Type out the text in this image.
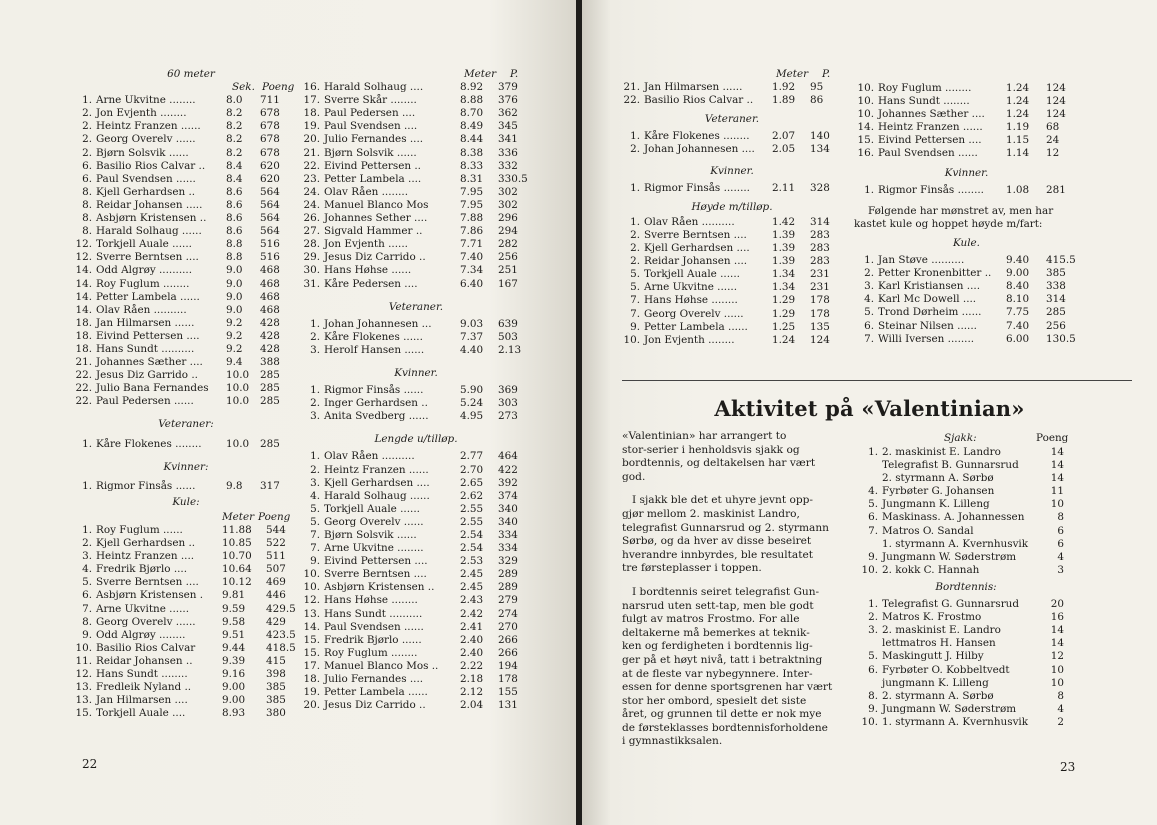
60 meter
Sek. Poeng
1. Arne Ukvitne ........	8.0	711
2. Jon Evjenth ........	8.2	678
2. Heintz Franzen ...... 8.2	678
2. Georg Overelv ......	8.2	678
2. Bjørn Solsvik ......	8.2	678
6. Basilio Rios Calvar .. 8.4	620
6. Paul Svendsen ......	8.4	620
8. Kjell Gerhardsen ..	8.6	564
8. Reidar Johansen ..... 8.6	564
8. Asbjørn Kristensen .. 8.6	564
8. Harald Solhaug ...... 8.6	564
12. Torkjell Auale ......	8.8	516
12. Sverre Berntsen ....	8.8	516
14. Odd Algrøy ..........	9.0	468
14. Roy Fuglum ........	9.0	468
14. Petter Lambela ......	9.0	468
14. Olav Råen ..........	9.0	468
18. Jan Hilmarsen ......	9.2	428
18. Eivind Pettersen ....	9.2	428
18. Hans Sundt ..........	9.2	428
21. Johannes Sæther .... 9.4	388
22. Jesus Diz Garrido ..	10.0	285
22. Julio Bana Fernandes 10.0	285
22. Paul Pedersen ......	10.0	285
Veteraner:
1. Kåre Flokenes ........ 10.0	285
Kvinner:
1. Rigmor Finsås ......	9.8	317
Kule:
Meter Poeng
1. Roy Fuglum ......	11.88	544
2. Kjell Gerhardsen ..	10.85	522
3. Heintz Franzen ....	10.70	511
4. Fredrik Bjørlo ....	10.64	507
5. Sverre Berntsen .... 10.12	469
6. Asbjørn Kristensen . 9.81	446
7. Arne Ukvitne ......	9.59	429.5
8. Georg Overelv ......	9.58	429
9. Odd Algrøy ........	9.51	423.5
10. Basilio Rios Calvar	9.44	418.5
11. Reidar Johansen ..	9.39	415
12. Hans Sundt ........	9.16	398
13. Fredleik Nyland ..	9.00	385
13. Jan Hilmarsen ....	9.00	385
15. Torkjell Auale ....	8.93	380
Meter P.
16. Harald Solhaug ....	8.92	379
17. Sverre Skår ........	8.88	376
18. Paul Pedersen ....	8.70	362
19. Paul Svendsen ....	8.49	345
20. Julio Fernandes ....	8.44	341
21. Bjørn Solsvik ......	8.38	336
22. Eivind Pettersen ..	8.33	332
23. Petter Lambela ....	8.31	330.5
24. Olav Råen ........	7.95	302
24. Manuel Blanco Mos	7.95	302
26. Johannes Sether ....	7.88	296
27. Sigvald Hammer ..	7.86	294
28. Jon Evjenth ......	7.71	282
29. Jesus Diz Carrido ..	7.40	256
30. Hans Høhse ......	7.34	251
31. Kåre Pedersen ....	6.40	167
Veteraner.
1. Johan Johannesen ...	9.03	639
2. Kåre Flokenes ......	7.37	503
3. Herolf Hansen ......	4.40	2.13
Kvinner.
1. Rigmor Finsås ......	5.90	369
2. Inger Gerhardsen ..	5.24	303
3. Anita Svedberg ......	4.95	273
Lengde u/tilløp.
1. Olav Råen ..........	2.77	464
2. Heintz Franzen ......	2.70	422
3. Kjell Gerhardsen ....	2.65	392
4. Harald Solhaug ......	2.62	374
5. Torkjell Auale ......	2.55	340
5. Georg Overelv ......	2.55	340
7. Bjørn Solsvik ......	2.54	334
7. Arne Ukvitne ........	2.54	334
9. Eivind Pettersen ....	2.53	329
10. Sverre Berntsen ....	2.45	289
10. Asbjørn Kristensen .. 2.45	289
12. Hans Høhse ........	2.43	279
13. Hans Sundt ..........	2.42	274
14. Paul Svendsen ......	2.41	270
15. Fredrik Bjørlo ......	2.40	266
15. Roy Fuglum ........	2.40	266
17. Manuel Blanco Mos .. 2.22	194
18. Julio Fernandes ....	2.18	178
19. Petter Lambela ......	2.12	155
20. Jesus Diz Carrido ..	2.04	131
22
Meter P.
21. Jan Hilmarsen ......	1.92	95
22. Basilio Rios Calvar .. 1.89	86
Veteraner.
1. Kåre Flokenes ........ 2.07	140
2. Johan Johannesen .... 2.05	134
Kvinner.
1. Rigmor Finsås ........ 2.11	328
Høyde m/tilløp.
1. Olav Råen ..........	1.42	314
2. Sverre Berntsen .... 1.39	283
2. Kjell Gerhardsen .... 1.39	283
2. Reidar Johansen .... 1.39	283
5. Torkjell Auale ......	1.34	231
5. Arne Ukvitne ......	1.34	231
7. Hans Høhse ........	1.29	178
7. Georg Overelv ......	1.29	178
9. Petter Lambela ...... 1.25	135
10. Jon Evjenth ........	1.24	124
10. Roy Fuglum ........	1.24	124
10. Hans Sundt ........	1.24	124
10. Johannes Sæther .... 1.24	124
14. Heintz Franzen ...... 1.19	68
15. Eivind Pettersen .... 1.15	24
16. Paul Svendsen ......	1.14	12
Kvinner.
1. Rigmor Finsås ........ 1.08	281
Følgende har mønstret av, men har
kastet kule og hoppet høyde m/fart:
Kule.
1. Jan Støve ..........	9.40	415.5
2. Petter Kronenbitter .. 9.00	385
3. Karl Kristiansen .... 8.40	338
4. Karl Mc Dowell ....	8.10	314
5. Trond Dørheim ...... 7.75	285
6. Steinar Nilsen ......	7.40	256
7. Willi Iversen ........	6.00	130.5
Aktivitet på «Valentinian»
«Valentinian» har arrangert to
stor-serier i henholdsvis sjakk og
bordtennis, og deltakelsen har vært
god.
I sjakk ble det et uhyre jevnt opp-
gjør mellom 2. maskinist Landro,
telegrafist Gunnarsrud og 2. styrmann
Sørbø, og da hver av disse beseiret
hverandre innbyrdes, ble resultatet
tre førsteplasser i toppen.
I bordtennis seiret telegrafist Gun-
narsrud uten sett-tap, men ble godt
fulgt av matros Frostmo. For alle
deltakerne må bemerkes at teknik-
ken og ferdigheten i bordtennis lig-
ger på et høyt nivå, tatt i betraktning
at de fleste var nybegynnere. Inter-
essen for denne sportsgrenen har vært
stor her ombord, spesielt det siste
året, og grunnen til dette er nok mye
de førsteklasses bordtennisforholdene
i gymnastikksalen.
Sjakk:	Poeng
1. 2. maskinist E. Landro	14
Telegrafist B. Gunnarsrud	14
2. styrmann A. Sørbø	14
4. Fyrbøter G. Johansen	11
5. Jungmann K. Lilleng	10
6. Maskinass. A. Johannessen	8
7. Matros O. Sandal	6
1. styrmann A. Kvernhusvik	6
9. Jungmann W. Søderstrøm	4
10. 2. kokk C. Hannah	3
Bordtennis:
1. Telegrafist G. Gunnarsrud	20
2. Matros K. Frostmo	16
3. 2. maskinist E. Landro	14
lettmatros H. Hansen	14
5. Maskingutt J. Hilby	12
6. Fyrbøter O. Kobbeltvedt	10
jungmann K. Lilleng	10
8. 2. styrmann A. Sørbø	8
9. Jungmann W. Søderstrøm	4
10. 1. styrmann A. Kvernhusvik	2
23
